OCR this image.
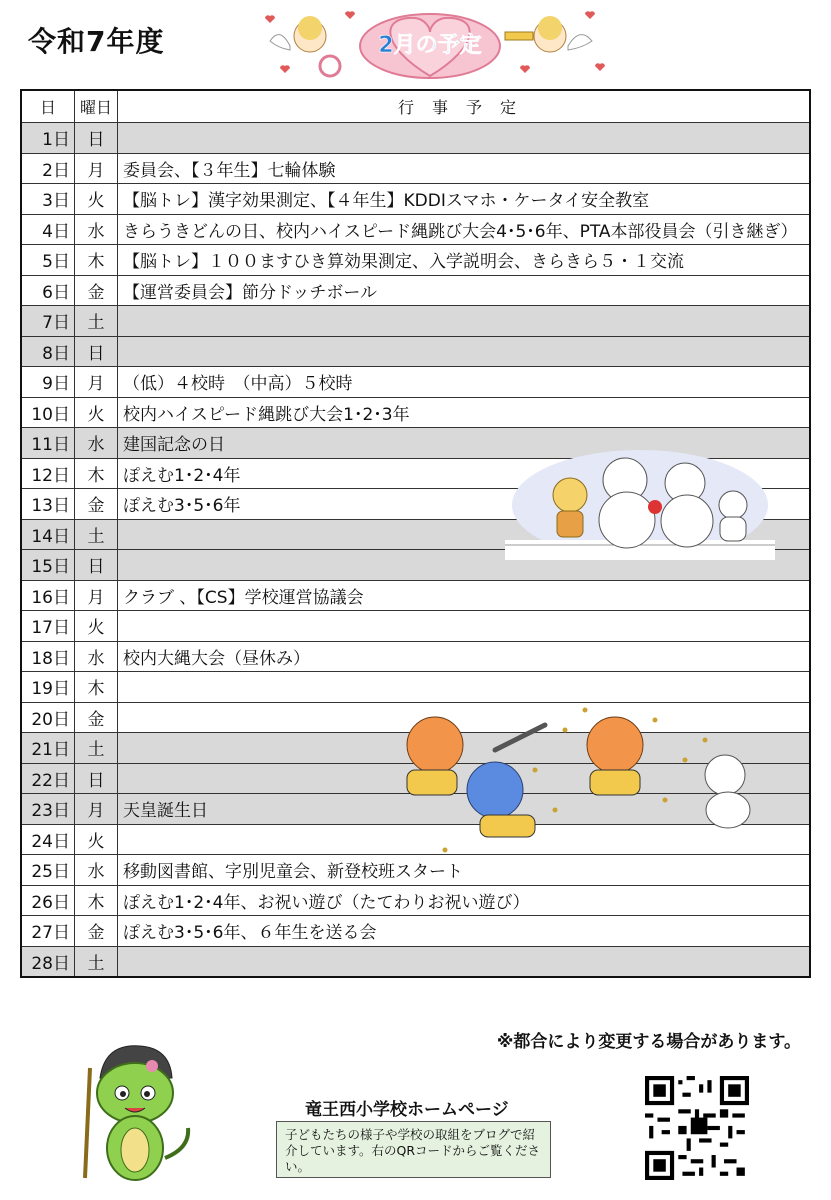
令和7年度	2月の予定
日	曜日	行事予定
1日	日	
2日	月	委員会、【３年生】七輪体験
3日	火	【脳トレ】漢字効果測定、【４年生】KDDIスマホ・ケータイ安全教室
4日	水	きらうきどんの日、校内ハイスピード縄跳び大会4･5･6年、PTA本部役員会（引き継ぎ）
5日	木	【脳トレ】１００ますひき算効果測定、入学説明会、きらきら５・１交流
6日	金	【運営委員会】節分ドッチボール
7日	土	
8日	日	
9日	月	（低）４校時　（中高）５校時
10日	火	校内ハイスピード縄跳び大会1･2･3年
11日	水	建国記念の日
12日	木	ぽえむ1･2･4年
13日	金	ぽえむ3･5･6年
14日	土	
15日	日	
16日	月	クラブ 、【CS】学校運営協議会
17日	火	
18日	水	校内大縄大会（昼休み）
19日	木	
20日	金	
21日	土	
22日	日	
23日	月	天皇誕生日
24日	火	
25日	水	移動図書館、字別児童会、新登校班スタート
26日	木	ぽえむ1･2･4年、お祝い遊び（たてわりお祝い遊び）
27日	金	ぽえむ3･5･6年、６年生を送る会
28日	土	
※都合により変更する場合があります。
竜王西小学校ホームページ
子どもたちの様子や学校の取組をブログで紹介しています。右のQRコードからご覧ください。
